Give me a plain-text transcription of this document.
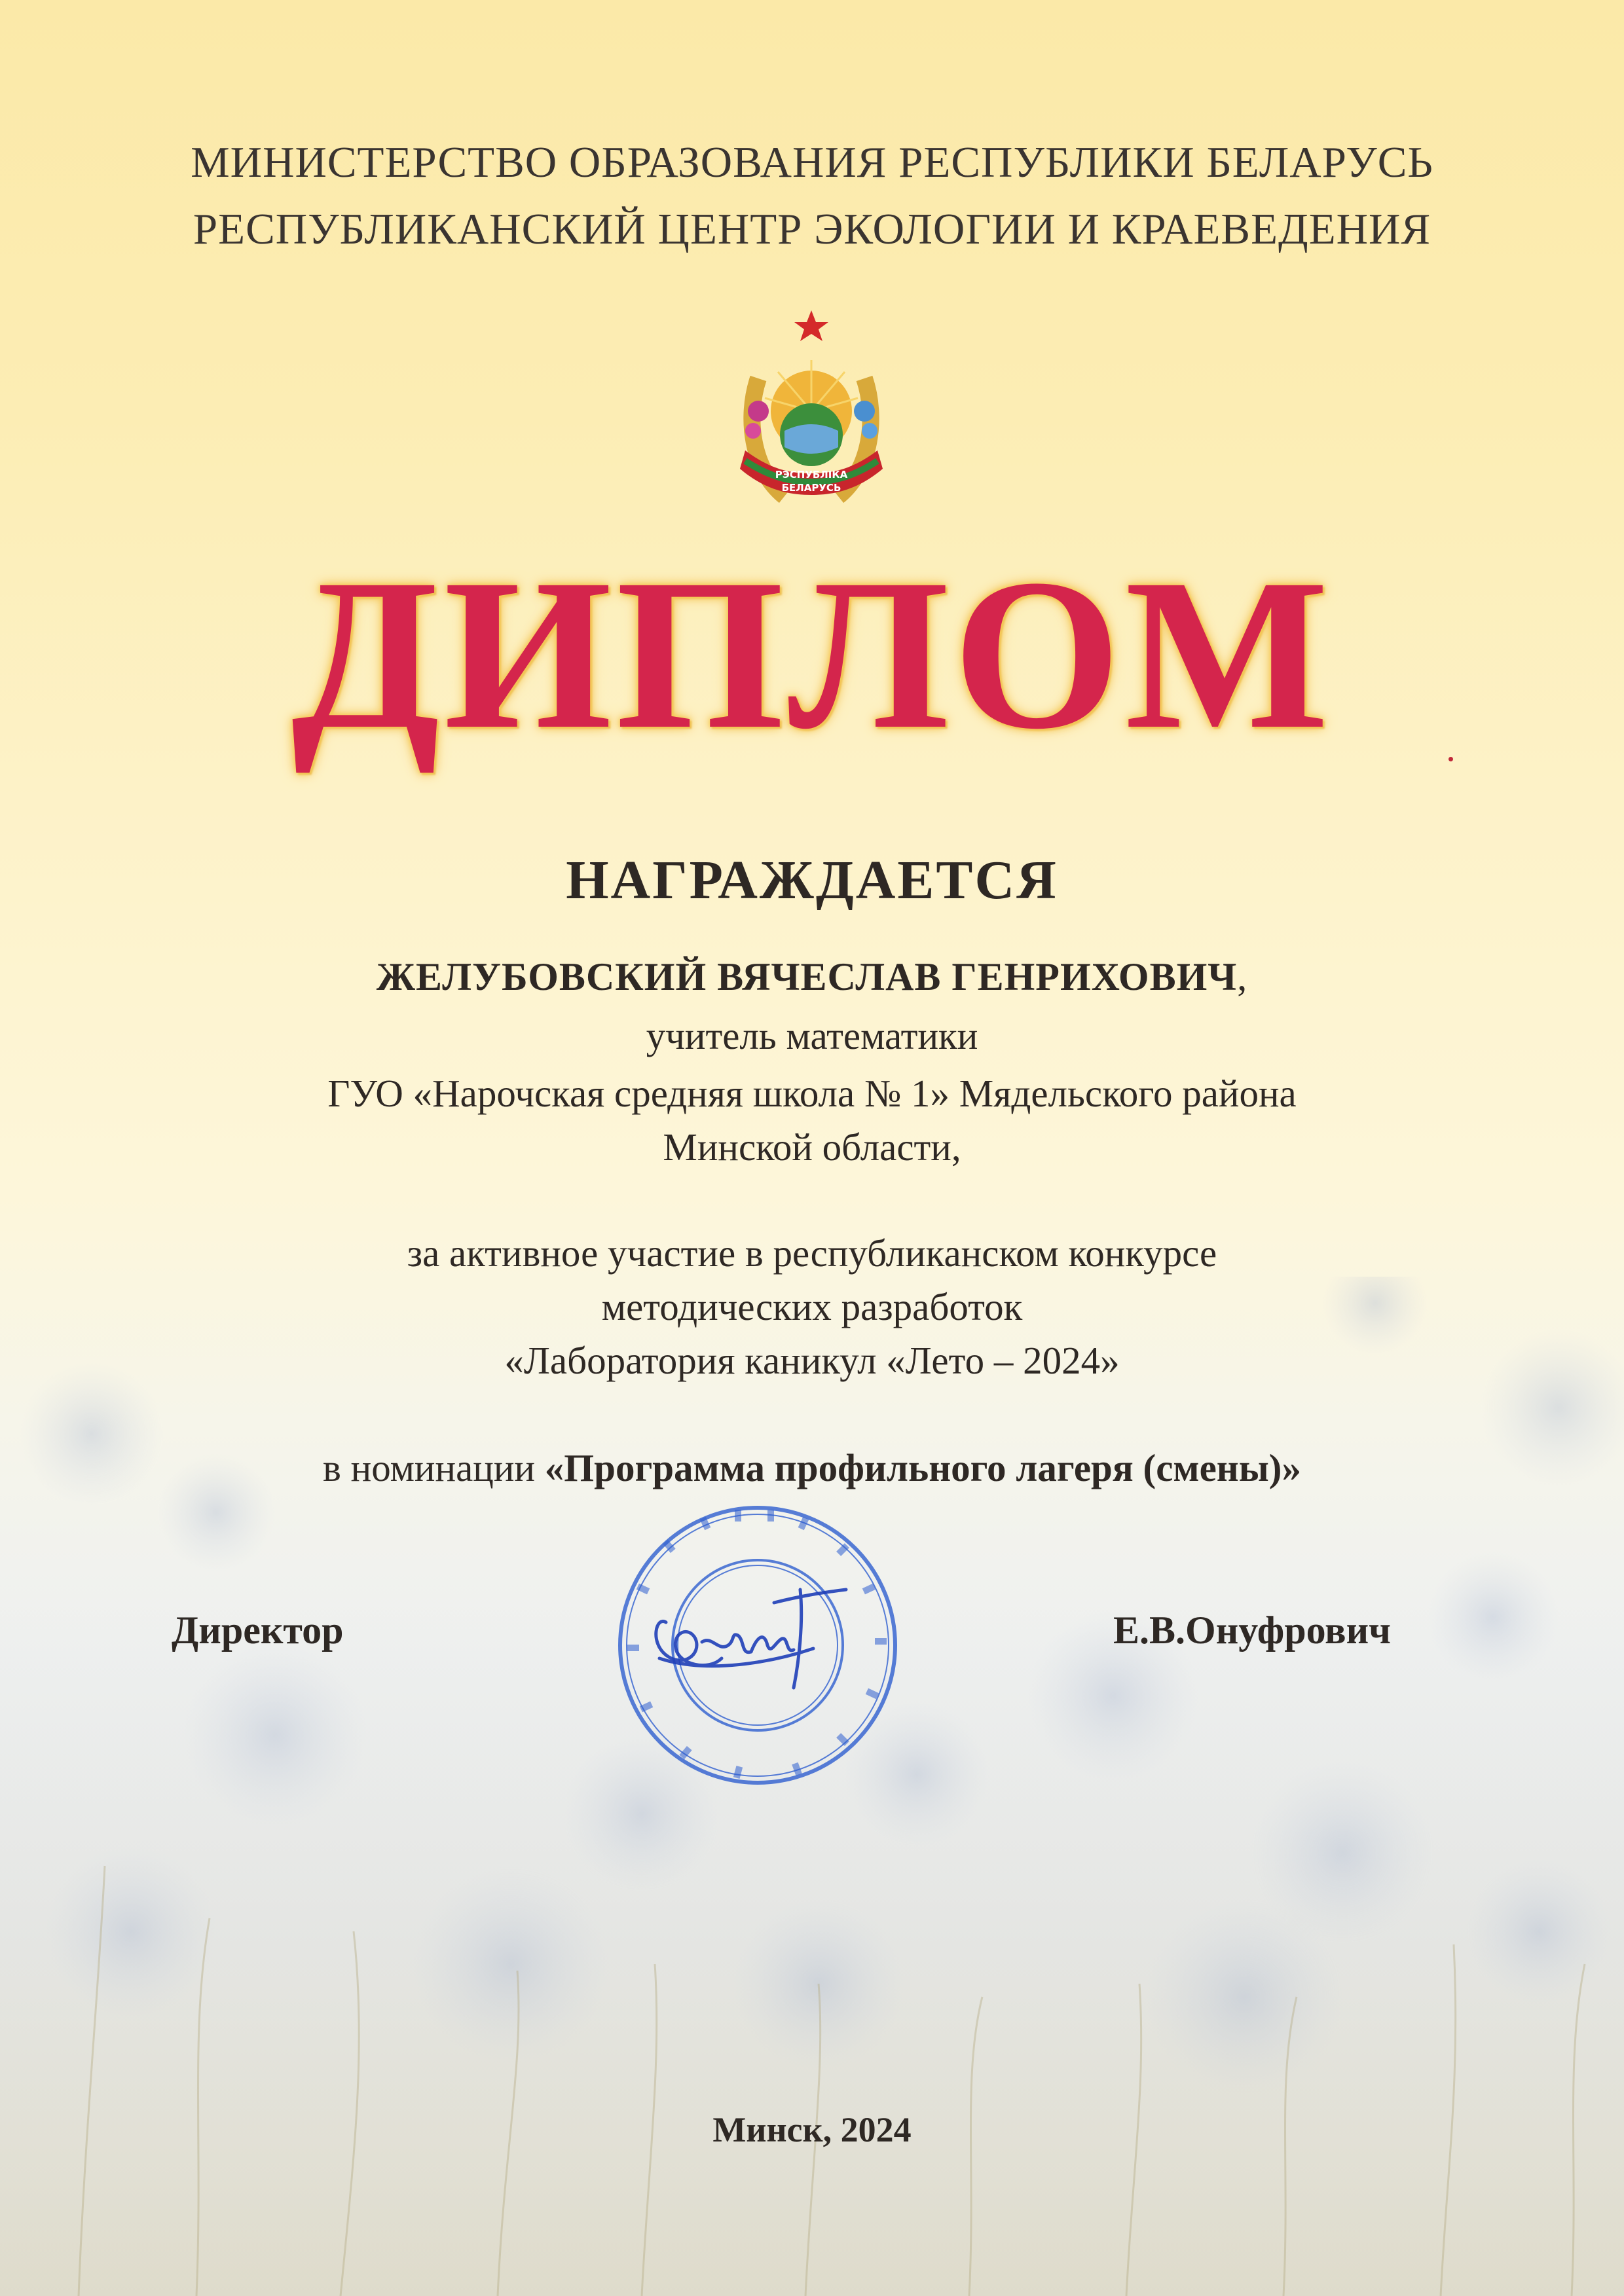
МИНИСТЕРСТВО ОБРАЗОВАНИЯ РЕСПУБЛИКИ БЕЛАРУСЬ
РЕСПУБЛИКАНСКИЙ ЦЕНТР ЭКОЛОГИИ И КРАЕВЕДЕНИЯ
РЭСПУБЛІКА
БЕЛАРУСЬ
ДИПЛОМ
НАГРАЖДАЕТСЯ
ЖЕЛУБОВСКИЙ ВЯЧЕСЛАВ ГЕНРИХОВИЧ,
учитель математики
ГУО «Нарочская средняя школа № 1» Мядельского района
Минской области,
за активное участие в республиканском конкурсе
методических разработок
«Лаборатория каникул «Лето – 2024»
в номинации «Программа профильного лагеря (смены)»
Директор	Е.В.Онуфрович
Минск, 2024
